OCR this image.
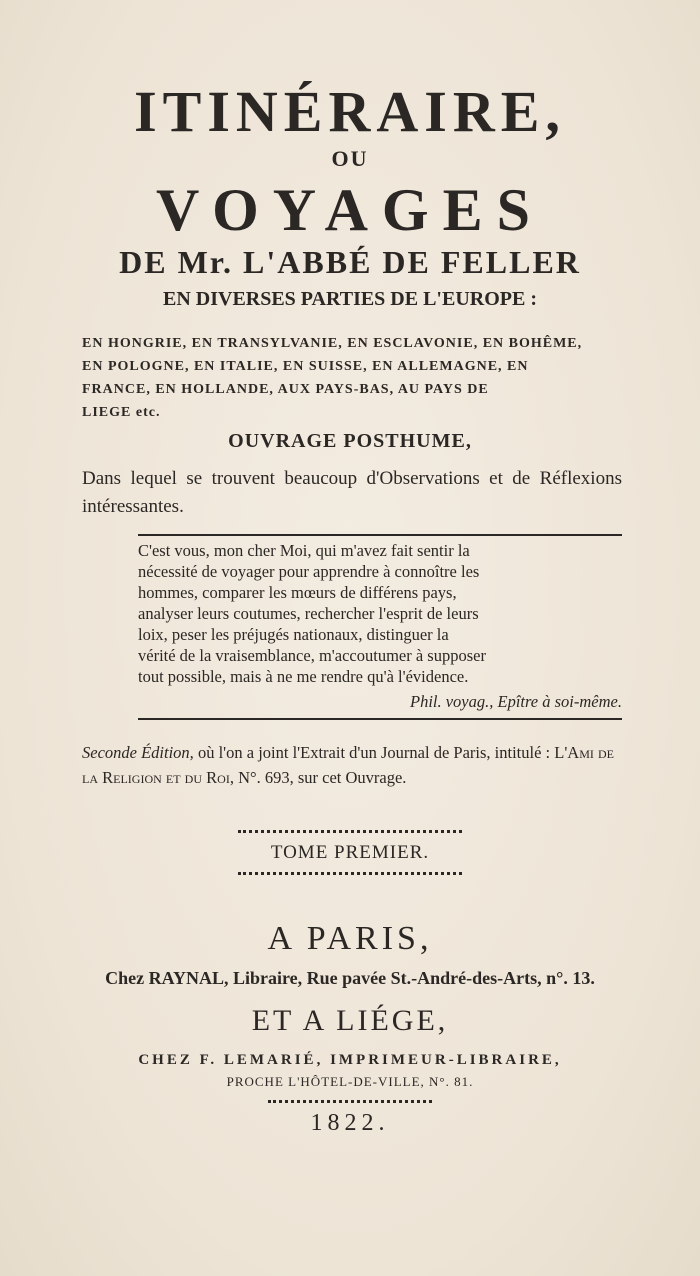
ITINÉRAIRE,
OU
VOYAGES
DE Mr. L'ABBÉ DE FELLER
EN DIVERSES PARTIES DE L'EUROPE :
EN HONGRIE, EN TRANSYLVANIE, EN ESCLAVONIE, EN BOHÊME,
EN POLOGNE, EN ITALIE, EN SUISSE, EN ALLEMAGNE, EN
FRANCE, EN HOLLANDE, AUX PAYS-BAS, AU PAYS DE
LIEGE etc.
OUVRAGE POSTHUME,
Dans lequel se trouvent beaucoup d'Observations et de Réflexions intéressantes.
C'est vous, mon cher Moi, qui m'avez fait sentir la
nécessité de voyager pour apprendre à connoître les
hommes, comparer les mœurs de différens pays,
analyser leurs coutumes, rechercher l'esprit de leurs
loix, peser les préjugés nationaux, distinguer la
vérité de la vraisemblance, m'accoutumer à supposer
tout possible, mais à ne me rendre qu'à l'évidence.
Phil. voyag., Epître à soi-même.
Seconde Édition, où l'on a joint l'Extrait d'un Journal de Paris, intitulé : L'Ami de la Religion et du Roi, N°. 693, sur cet Ouvrage.
TOME PREMIER.
A PARIS,
Chez RAYNAL, Libraire, Rue pavée St.-André-des-Arts, n°. 13.
ET A LIÉGE,
CHEZ F. LEMARIÉ, IMPRIMEUR-LIBRAIRE,
PROCHE L'HÔTEL-DE-VILLE, N°. 81.
1822.
